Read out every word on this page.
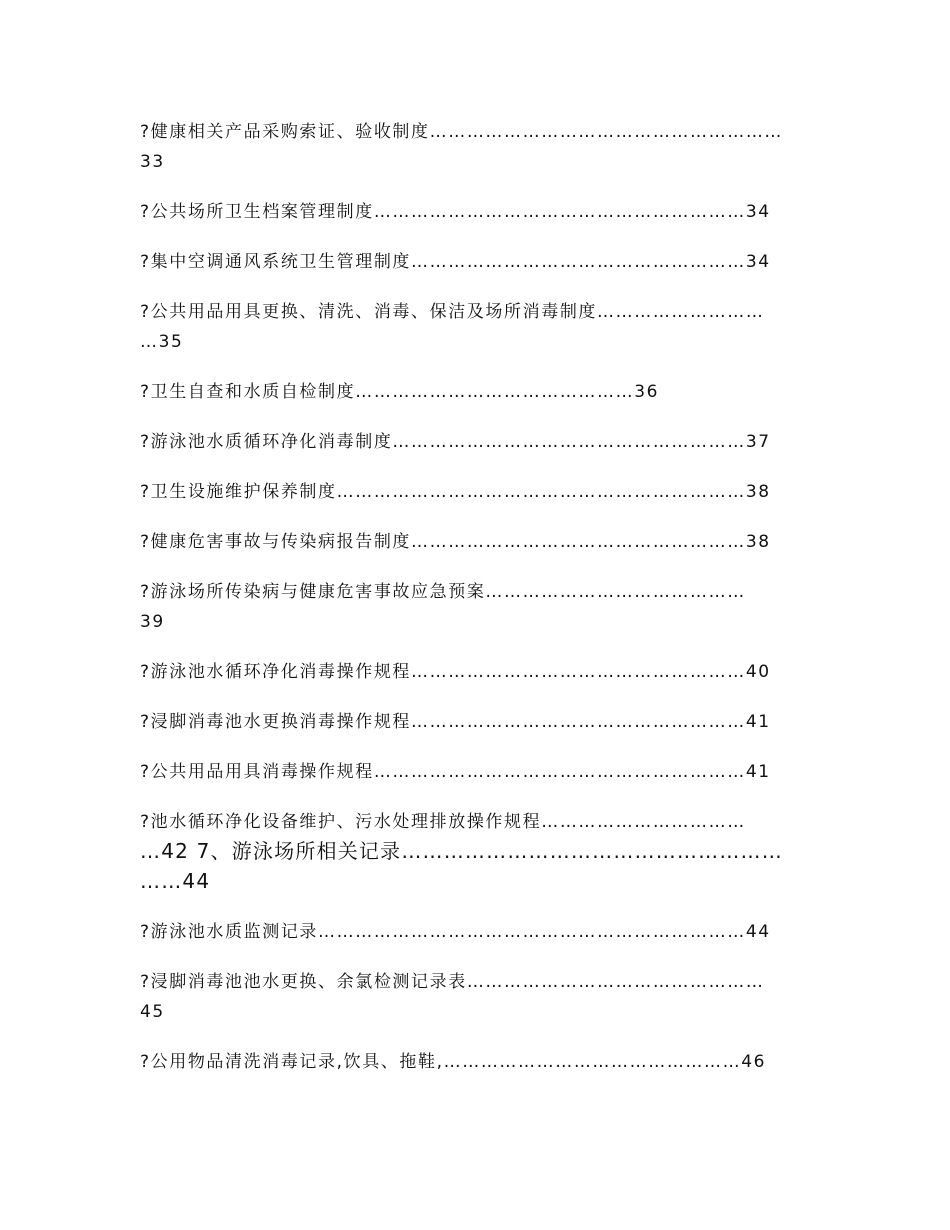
?健康相关产品采购索证、验收制度…………………………………………………
33
?公共场所卫生档案管理制度……………………………………………………34
?集中空调通风系统卫生管理制度………………………………………………34
?公共用品用具更换、清洗、消毒、保洁及场所消毒制度………………………
…35
?卫生自查和水质自检制度………………………………………36
?游泳池水质循环净化消毒制度…………………………………………………37
?卫生设施维护保养制度…………………………………………………………38
?健康危害事故与传染病报告制度………………………………………………38
?游泳场所传染病与健康危害事故应急预案……………………………………
39
?游泳池水循环净化消毒操作规程………………………………………………40
?浸脚消毒池水更换消毒操作规程………………………………………………41
?公共用品用具消毒操作规程……………………………………………………41
?池水循环净化设备维护、污水处理排放操作规程……………………………
…42 7、游泳场所相关记录………………………………………………
……44
?游泳池水质监测记录……………………………………………………………44
?浸脚消毒池池水更换、余氯检测记录表…………………………………………
45
?公用物品清洗消毒记录,饮具、拖鞋,…………………………………………46
